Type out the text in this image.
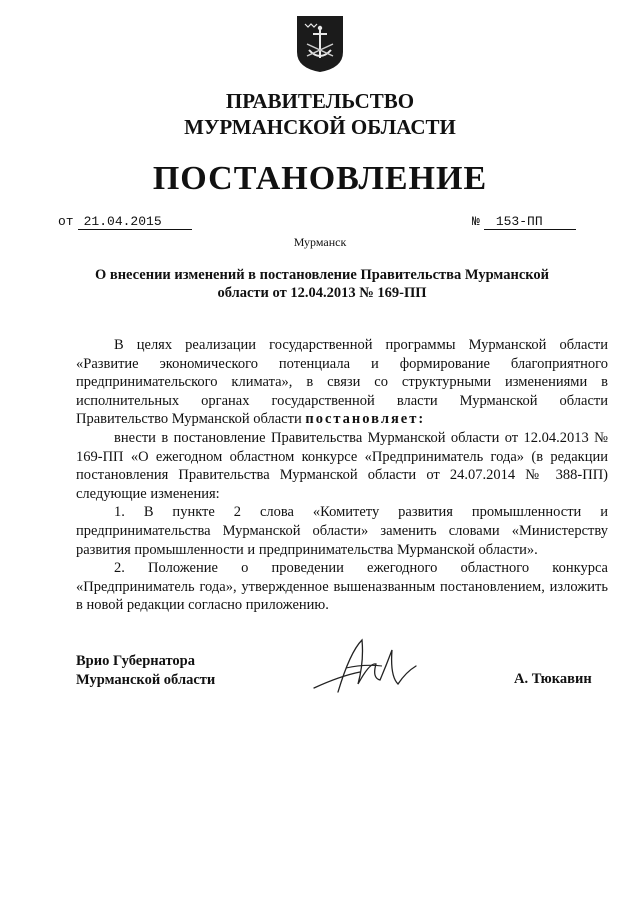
ПРАВИТЕЛЬСТВО
МУРМАНСКОЙ ОБЛАСТИ
ПОСТАНОВЛЕНИЕ
от 21.04.2015	№ 153-ПП
Мурманск
О внесении изменений в постановление Правительства Мурманской
области от 12.04.2013 № 169-ПП

В целях реализации государственной программы Мурманской области «Развитие экономического потенциала и формирование благоприятного предпринимательского климата», в связи со структурными изменениями в исполнительных органах государственной власти Мурманской области Правительство Мурманской области постановляет:

внести в постановление Правительства Мурманской области от 12.04.2013 № 169-ПП «О ежегодном областном конкурсе «Предприниматель года» (в редакции постановления Правительства Мурманской области от 24.07.2014 № 388-ПП) следующие изменения:

1. В пункте 2 слова «Комитету развития промышленности и предпринимательства Мурманской области» заменить словами «Министерству развития промышленности и предпринимательства Мурманской области».

2. Положение о проведении ежегодного областного конкурса «Предприниматель года», утвержденное вышеназванным постановлением, изложить в новой редакции согласно приложению.

Врио Губернатора
Мурманской области	А. Тюкавин
